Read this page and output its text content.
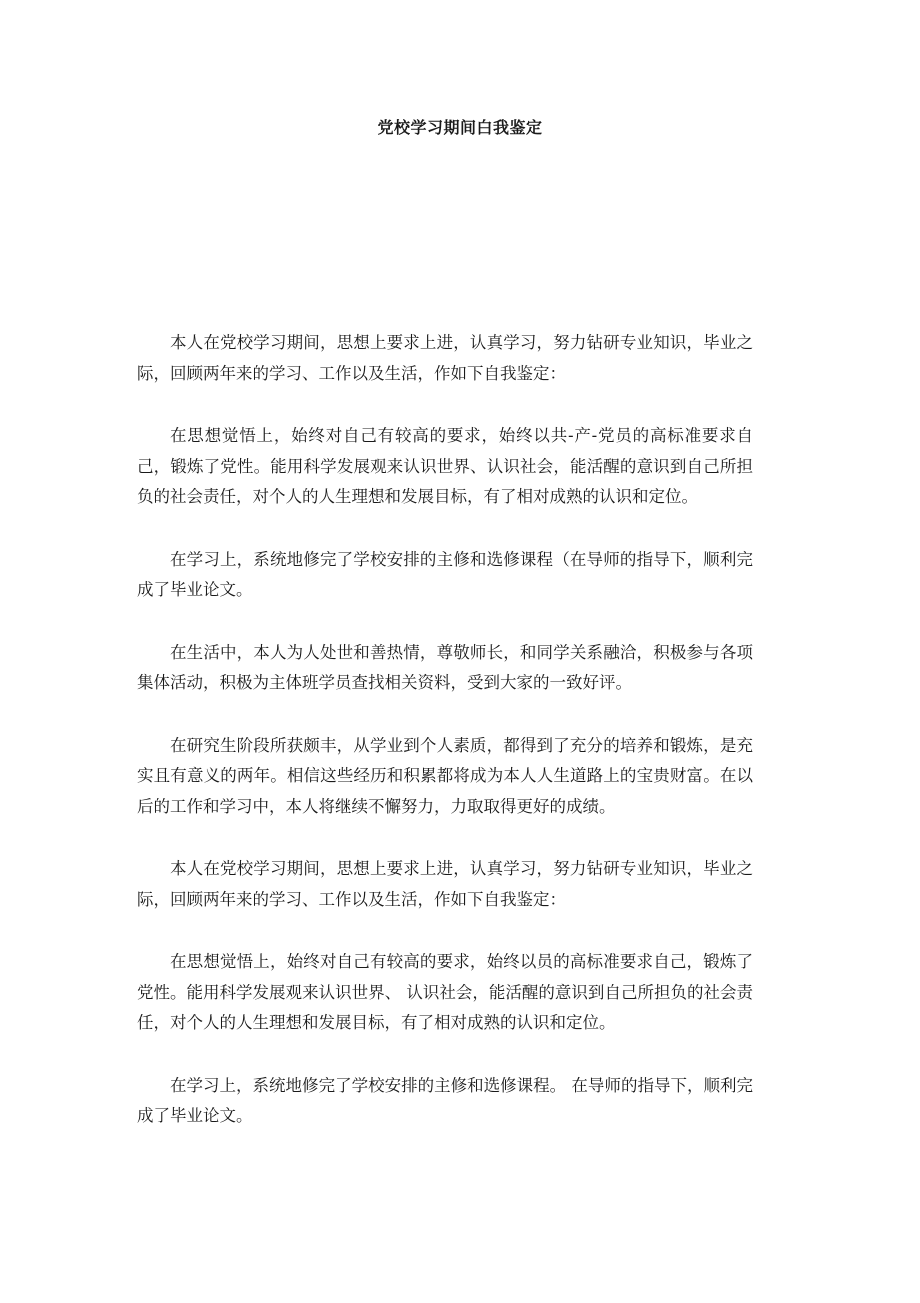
党校学习期间白我鉴定

本人在党校学习期间，思想上要求上进，认真学习，努力钻研专业知识，毕业之际，回顾两年来的学习、工作以及生活，作如下自我鉴定：

在思想觉悟上，始终对自己有较高的要求，始终以共-产-党员的高标准要求自己，锻炼了党性。能用科学发展观来认识世界、认识社会，能活醒的意识到自己所担负的社会责任，对个人的人生理想和发展目标，有了相对成熟的认识和定位。

在学习上，系统地修完了学校安排的主修和选修课程（在导师的指导下，顺利完成了毕业论文。

在生活中，本人为人处世和善热情，尊敬师长，和同学关系融洽，积极参与各项集体活动，积极为主体班学员查找相关资料，受到大家的一致好评。

在研究生阶段所获颇丰，从学业到个人素质，都得到了充分的培养和锻炼，是充实且有意义的两年。相信这些经历和积累都将成为本人人生道路上的宝贵财富。在以后的工作和学习中，本人将继续不懈努力，力取取得更好的成绩。

本人在党校学习期间，思想上要求上进，认真学习，努力钻研专业知识，毕业之际，回顾两年来的学习、工作以及生活，作如下自我鉴定：

在思想觉悟上，始终对自己有较高的要求，始终以员的高标准要求自己，锻炼了党性。能用科学发展观来认识世界、 认识社会，能活醒的意识到自己所担负的社会责任，对个人的人生理想和发展目标，有了相对成熟的认识和定位。

在学习上，系统地修完了学校安排的主修和选修课程。 在导师的指导下，顺利完成了毕业论文。
